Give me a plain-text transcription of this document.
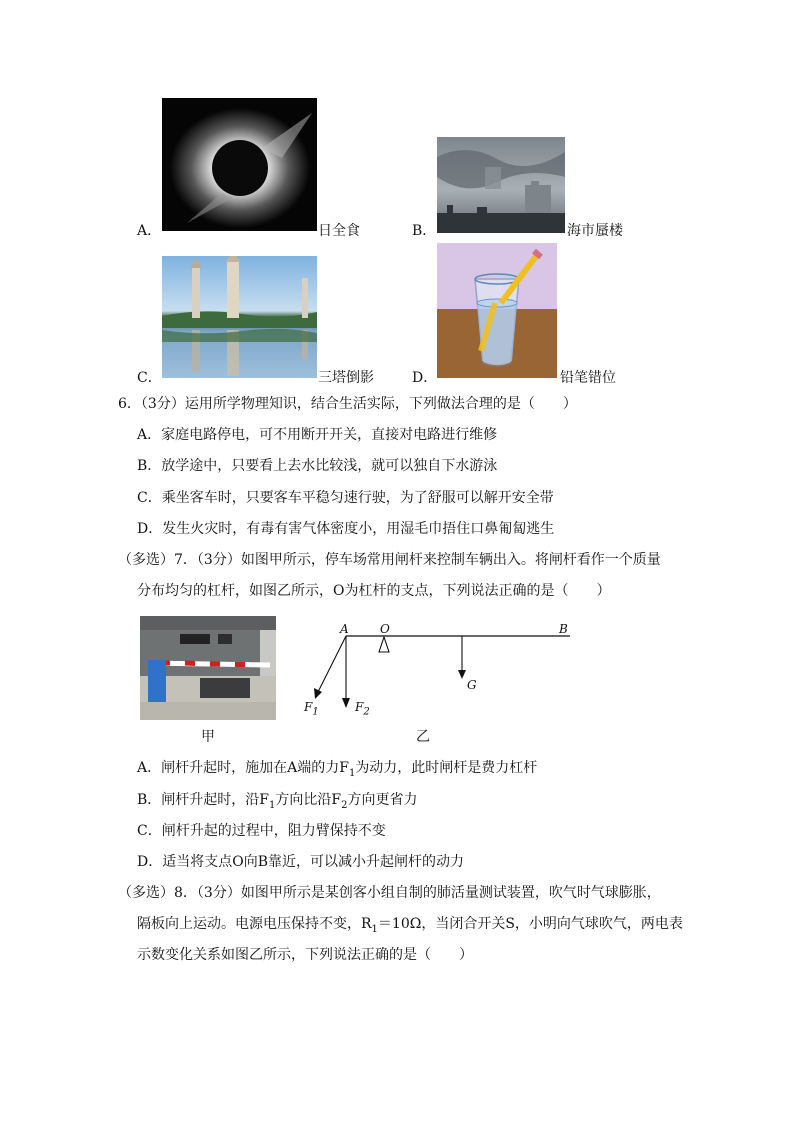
A．	日全食	B．	海市蜃楼
C．	三塔倒影	D．	铅笔错位
6．（3分）运用所学物理知识，结合生活实际，下列做法合理的是（　　）
A．家庭电路停电，可不用断开开关，直接对电路进行维修
B．放学途中，只要看上去水比较浅，就可以独自下水游泳
C．乘坐客车时，只要客车平稳匀速行驶，为了舒服可以解开安全带
D．发生火灾时，有毒有害气体密度小，用湿毛巾捂住口鼻匍匐逃生
（多选）7．（3分）如图甲所示，停车场常用闸杆来控制车辆出入。将闸杆看作一个质量
分布均匀的杠杆，如图乙所示，O为杠杆的支点，下列说法正确的是（　　）
甲
A	O	B
G
$F_1$	$F_2$
乙
A．闸杆升起时，施加在A端的力$F_1$为动力，此时闸杆是费力杠杆
B．闸杆升起时，沿$F_1$方向比沿$F_2$方向更省力
C．闸杆升起的过程中，阻力臂保持不变
D．适当将支点O向B靠近，可以减小升起闸杆的动力
（多选）8．（3分）如图甲所示是某创客小组自制的肺活量测试装置，吹气时气球膨胀，
隔板向上运动。电源电压保持不变，$R_1=10\Omega$，当闭合开关S，小明向气球吹气，两电表
示数变化关系如图乙所示，下列说法正确的是（　　）
